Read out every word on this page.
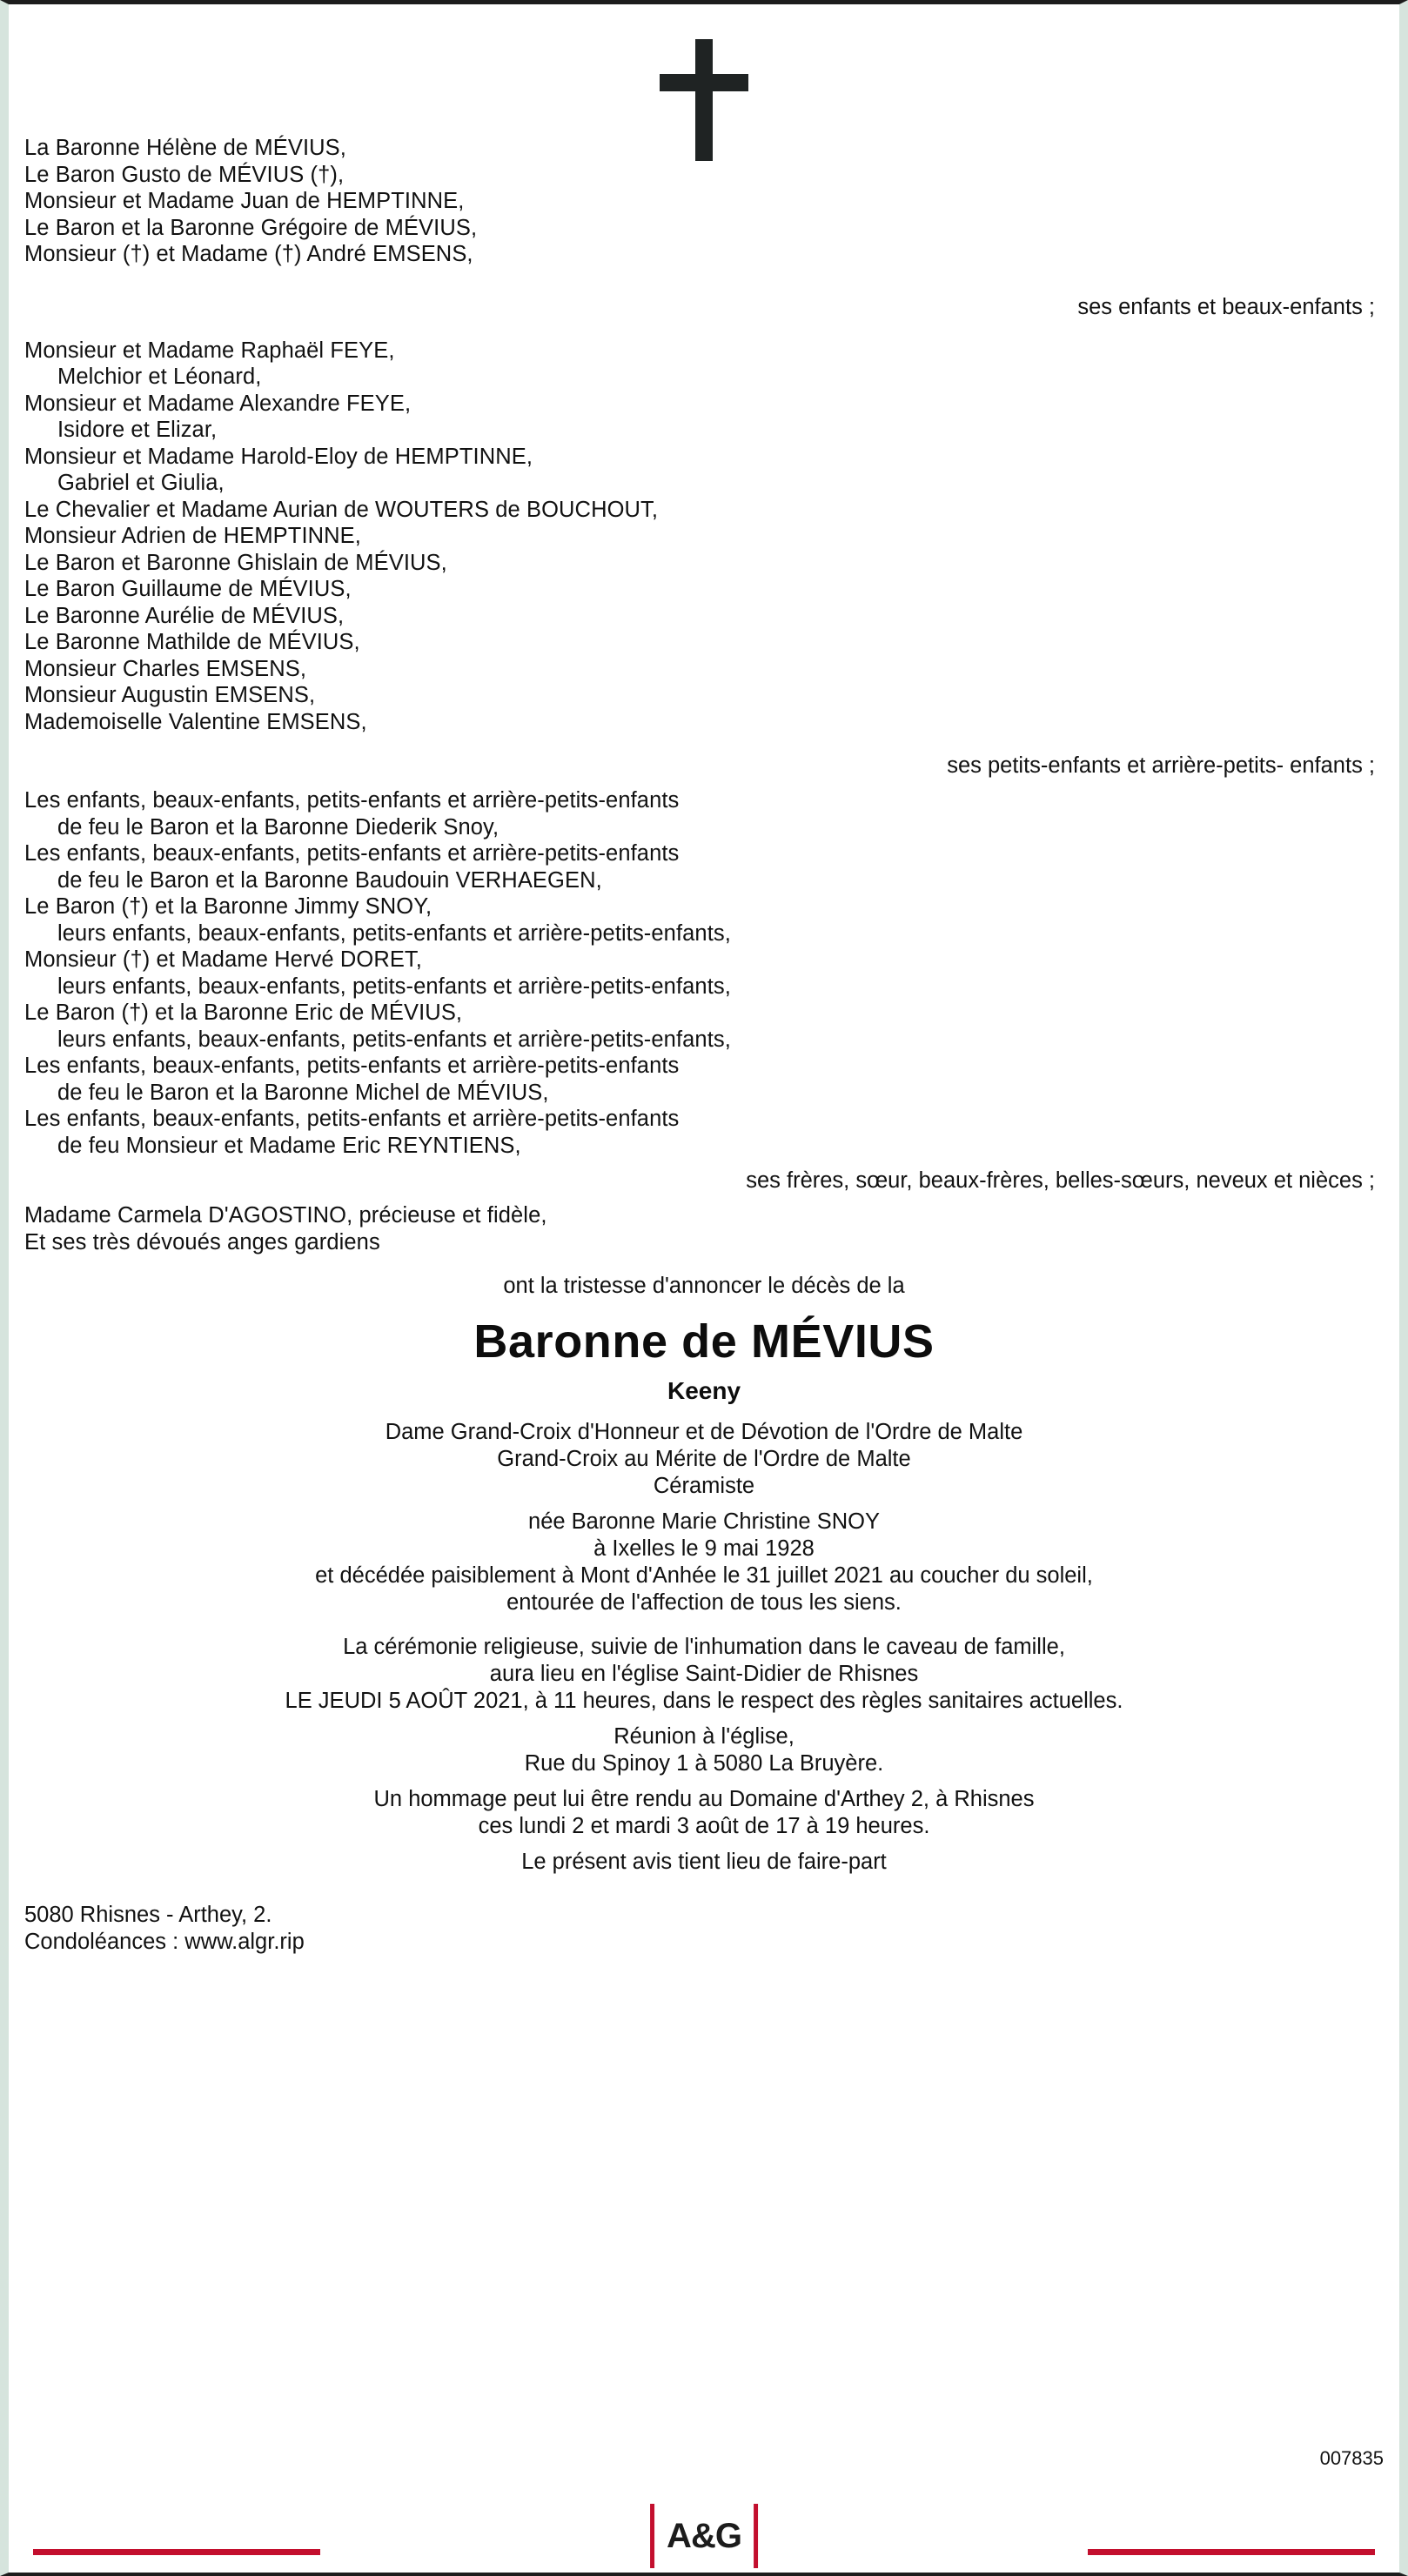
La Baronne Hélène de MÉVIUS,
Le Baron Gusto de MÉVIUS (†),
Monsieur et Madame Juan de HEMPTINNE,
Le Baron et la Baronne Grégoire de MÉVIUS,
Monsieur (†) et Madame (†) André EMSENS,
ses enfants et beaux-enfants ;
Monsieur et Madame Raphaël FEYE,
Melchior et Léonard,
Monsieur et Madame Alexandre FEYE,
Isidore et Elizar,
Monsieur et Madame Harold-Eloy de HEMPTINNE,
Gabriel et Giulia,
Le Chevalier et Madame Aurian de WOUTERS de BOUCHOUT,
Monsieur Adrien de HEMPTINNE,
Le Baron et Baronne Ghislain de MÉVIUS,
Le Baron Guillaume de MÉVIUS,
Le Baronne Aurélie de MÉVIUS,
Le Baronne Mathilde de MÉVIUS,
Monsieur Charles EMSENS,
Monsieur Augustin EMSENS,
Mademoiselle Valentine EMSENS,
ses petits-enfants et arrière-petits- enfants ;
Les enfants, beaux-enfants, petits-enfants et arrière-petits-enfants
de feu le Baron et la Baronne Diederik Snoy,
Les enfants, beaux-enfants, petits-enfants et arrière-petits-enfants
de feu le Baron et la Baronne Baudouin VERHAEGEN,
Le Baron (†) et la Baronne Jimmy SNOY,
leurs enfants, beaux-enfants, petits-enfants et arrière-petits-enfants,
Monsieur (†) et Madame Hervé DORET,
leurs enfants, beaux-enfants, petits-enfants et arrière-petits-enfants,
Le Baron (†) et la Baronne Eric de MÉVIUS,
leurs enfants, beaux-enfants, petits-enfants et arrière-petits-enfants,
Les enfants, beaux-enfants, petits-enfants et arrière-petits-enfants
de feu le Baron et la Baronne Michel de MÉVIUS,
Les enfants, beaux-enfants, petits-enfants et arrière-petits-enfants
de feu Monsieur et Madame Eric REYNTIENS,
ses frères, sœur, beaux-frères, belles-sœurs, neveux et nièces ;
Madame Carmela D'AGOSTINO, précieuse et fidèle,
Et ses très dévoués anges gardiens
ont la tristesse d'annoncer le décès de la
Baronne de MÉVIUS
Keeny
Dame Grand-Croix d'Honneur et de Dévotion de l'Ordre de Malte
Grand-Croix au Mérite de l'Ordre de Malte
Céramiste
née Baronne Marie Christine SNOY
à Ixelles le 9 mai 1928
et décédée paisiblement à Mont d'Anhée le 31 juillet 2021 au coucher du soleil,
entourée de l'affection de tous les siens.
La cérémonie religieuse, suivie de l'inhumation dans le caveau de famille,
aura lieu en l'église Saint-Didier de Rhisnes
LE JEUDI 5 AOÛT 2021, à 11 heures, dans le respect des règles sanitaires actuelles.
Réunion à l'église,
Rue du Spinoy 1 à 5080 La Bruyère.
Un hommage peut lui être rendu au Domaine d'Arthey 2, à Rhisnes
ces lundi 2 et mardi 3 août de 17 à 19 heures.
Le présent avis tient lieu de faire-part
5080 Rhisnes - Arthey, 2.
Condoléances : www.algr.rip
007835
A&G
